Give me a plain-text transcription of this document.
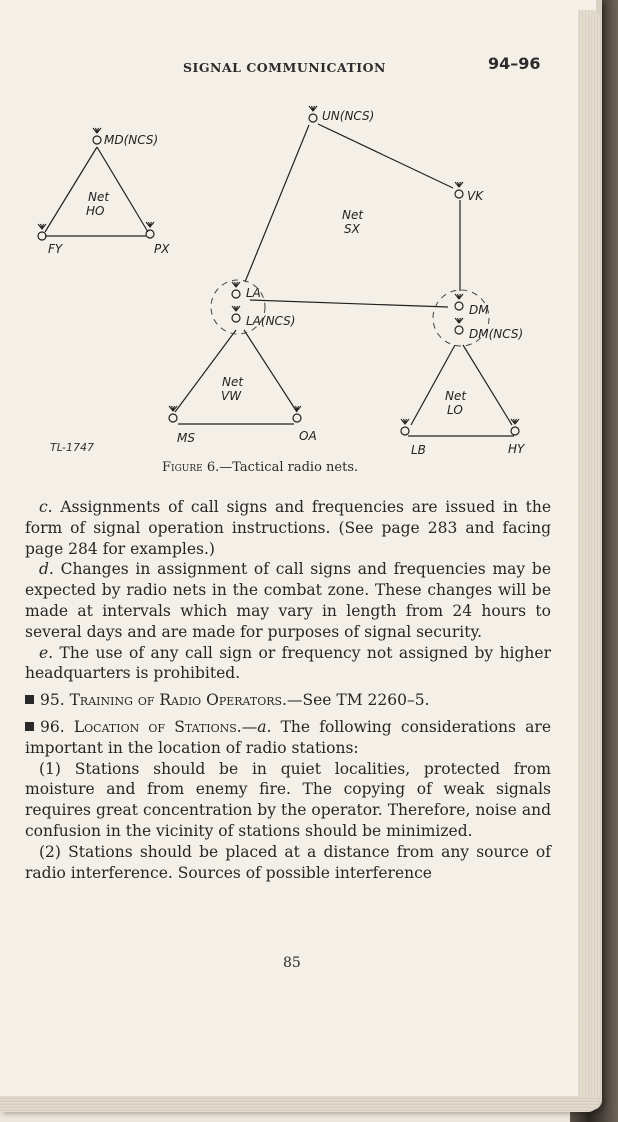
SIGNAL COMMUNICATION	94–96
MD(NCS)
FY	PX
UN(NCS)
VK
LA
LA(NCS)
DM
DM(NCS)
MS	OA
LB	HY
Net
HO	Net
SX
Net
VW	Net
LO
TL-1747
Figure 6.—Tactical radio nets.

c. Assignments of call signs and frequencies are issued in the form of signal operation instructions. (See page 283 and facing page 284 for examples.)

d. Changes in assignment of call signs and frequencies may be expected by radio nets in the combat zone. These changes will be made at intervals which may vary in length from 24 hours to several days and are made for purposes of signal security.

e. The use of any call sign or frequency not assigned by higher headquarters is prohibited.

95. Training of Radio Operators.—See TM 2260–5.

96. Location of Stations.—a. The following considerations are important in the location of radio stations:

(1) Stations should be in quiet localities, protected from moisture and from enemy fire. The copying of weak signals requires great concentration by the operator. Therefore, noise and confusion in the vicinity of stations should be minimized.

(2) Stations should be placed at a distance from any source of radio interference. Sources of possible interference

85
